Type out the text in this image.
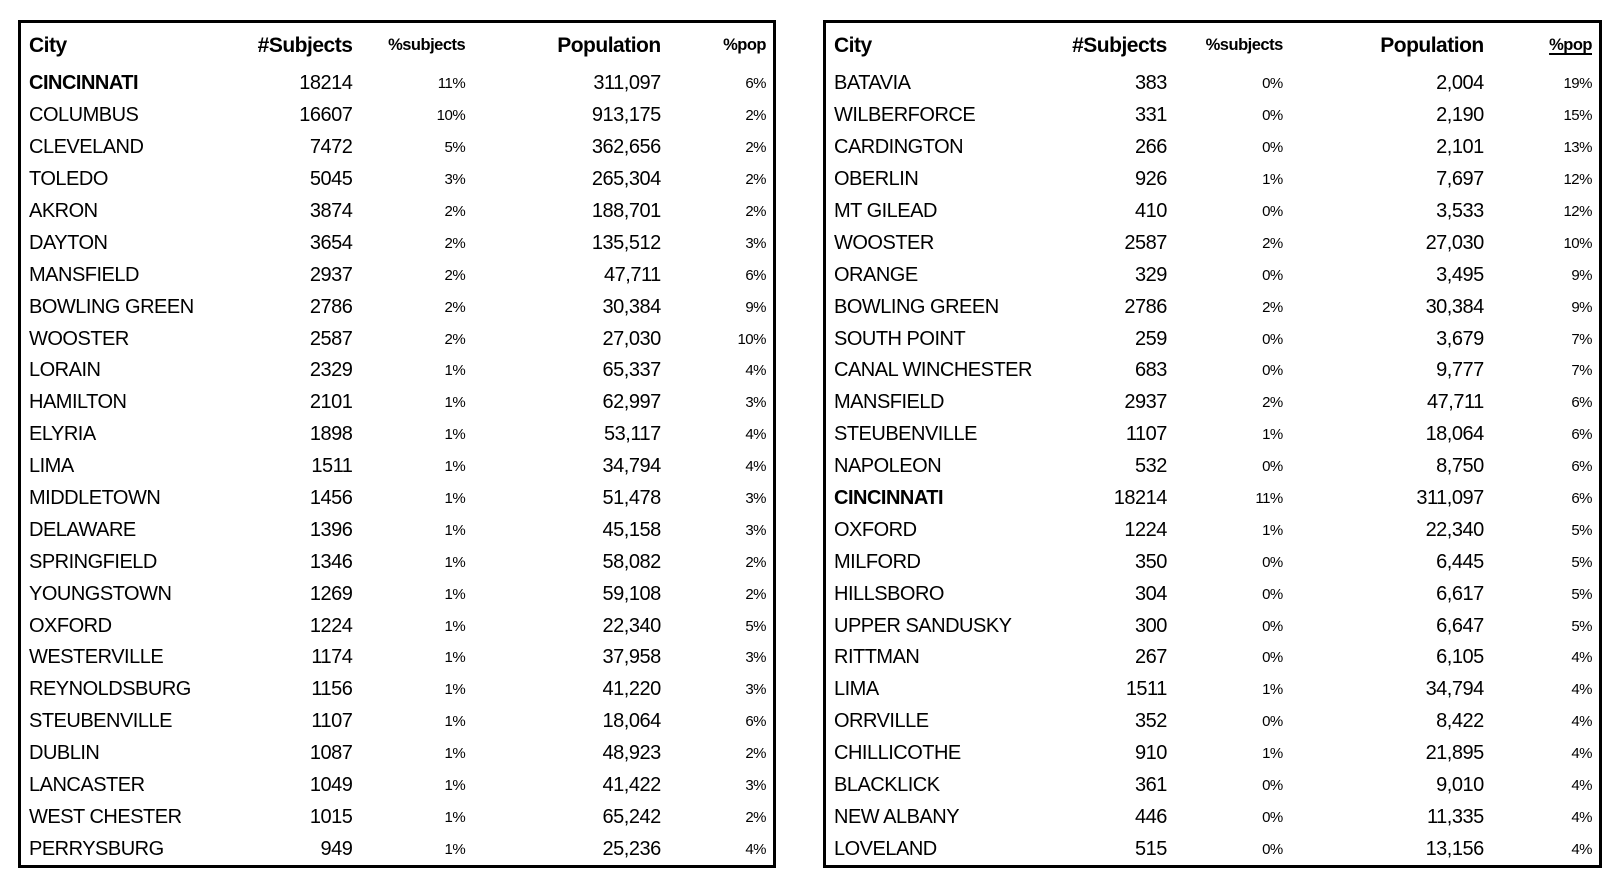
City	#Subjects	%subjects	Population	%pop
CINCINNATI	18214	11%	311,097	6%
COLUMBUS	16607	10%	913,175	2%
CLEVELAND	7472	5%	362,656	2%
TOLEDO	5045	3%	265,304	2%
AKRON	3874	2%	188,701	2%
DAYTON	3654	2%	135,512	3%
MANSFIELD	2937	2%	47,711	6%
BOWLING GREEN	2786	2%	30,384	9%
WOOSTER	2587	2%	27,030	10%
LORAIN	2329	1%	65,337	4%
HAMILTON	2101	1%	62,997	3%
ELYRIA	1898	1%	53,117	4%
LIMA	1511	1%	34,794	4%
MIDDLETOWN	1456	1%	51,478	3%
DELAWARE	1396	1%	45,158	3%
SPRINGFIELD	1346	1%	58,082	2%
YOUNGSTOWN	1269	1%	59,108	2%
OXFORD	1224	1%	22,340	5%
WESTERVILLE	1174	1%	37,958	3%
REYNOLDSBURG	1156	1%	41,220	3%
STEUBENVILLE	1107	1%	18,064	6%
DUBLIN	1087	1%	48,923	2%
LANCASTER	1049	1%	41,422	3%
WEST CHESTER	1015	1%	65,242	2%
PERRYSBURG	949	1%	25,236	4%
City	#Subjects	%subjects	Population	%pop
BATAVIA	383	0%	2,004	19%
WILBERFORCE	331	0%	2,190	15%
CARDINGTON	266	0%	2,101	13%
OBERLIN	926	1%	7,697	12%
MT GILEAD	410	0%	3,533	12%
WOOSTER	2587	2%	27,030	10%
ORANGE	329	0%	3,495	9%
BOWLING GREEN	2786	2%	30,384	9%
SOUTH POINT	259	0%	3,679	7%
CANAL WINCHESTER	683	0%	9,777	7%
MANSFIELD	2937	2%	47,711	6%
STEUBENVILLE	1107	1%	18,064	6%
NAPOLEON	532	0%	8,750	6%
CINCINNATI	18214	11%	311,097	6%
OXFORD	1224	1%	22,340	5%
MILFORD	350	0%	6,445	5%
HILLSBORO	304	0%	6,617	5%
UPPER SANDUSKY	300	0%	6,647	5%
RITTMAN	267	0%	6,105	4%
LIMA	1511	1%	34,794	4%
ORRVILLE	352	0%	8,422	4%
CHILLICOTHE	910	1%	21,895	4%
BLACKLICK	361	0%	9,010	4%
NEW ALBANY	446	0%	11,335	4%
LOVELAND	515	0%	13,156	4%
